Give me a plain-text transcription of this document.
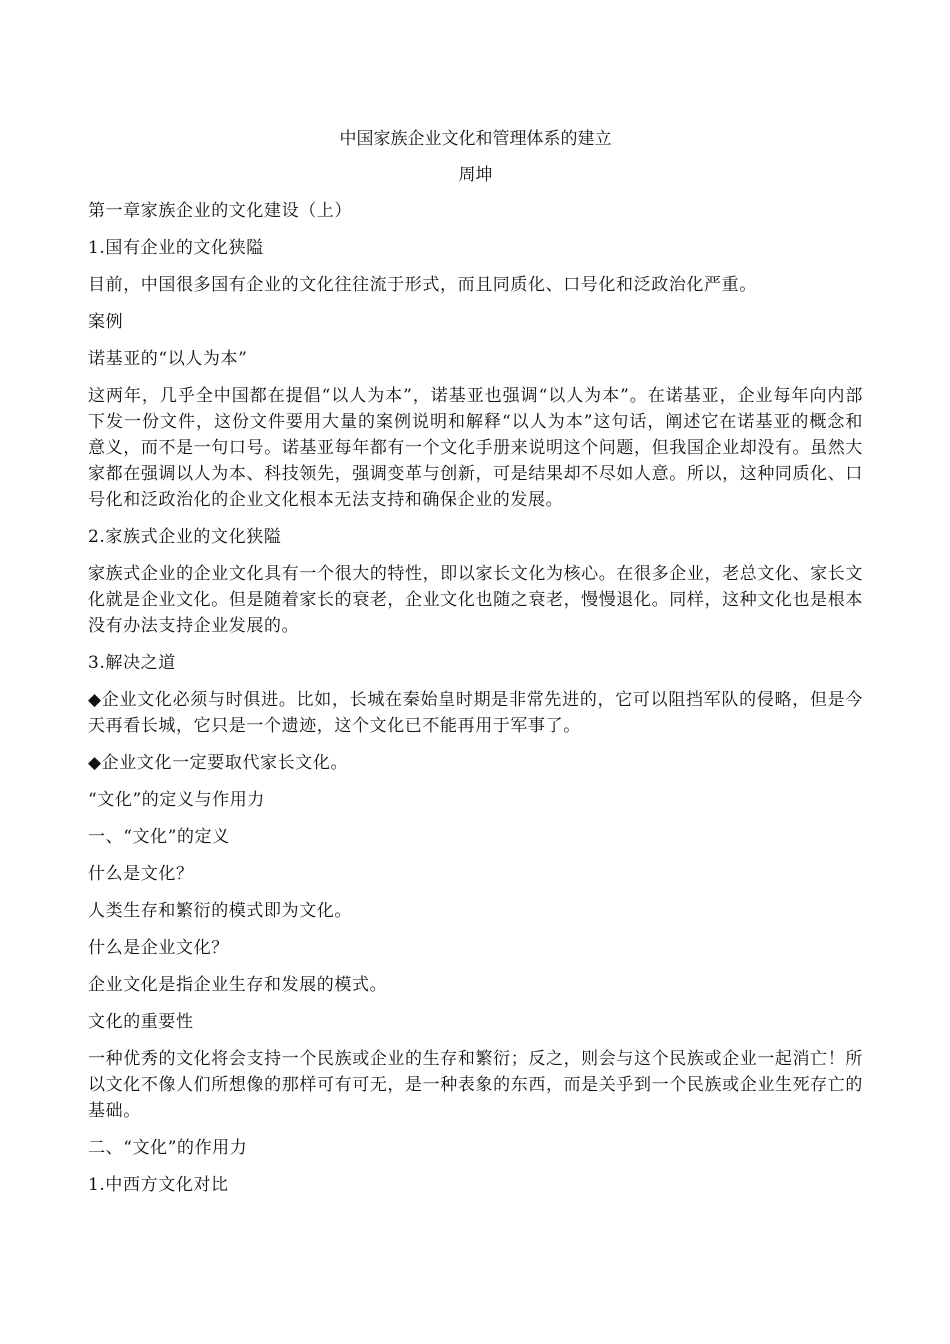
中国家族企业文化和管理体系的建立
周坤
第一章家族企业的文化建设（上）
1.国有企业的文化狭隘
目前，中国很多国有企业的文化往往流于形式，而且同质化、口号化和泛政治化严重。
案例
诺基亚的“以人为本”
这两年，几乎全中国都在提倡“以人为本”，诺基亚也强调“以人为本”。在诺基亚，企业每年向内部下发一份文件，这份文件要用大量的案例说明和解释“以人为本”这句话，阐述它在诺基亚的概念和意义，而不是一句口号。诺基亚每年都有一个文化手册来说明这个问题，但我国企业却没有。虽然大家都在强调以人为本、科技领先，强调变革与创新，可是结果却不尽如人意。所以，这种同质化、口号化和泛政治化的企业文化根本无法支持和确保企业的发展。
2.家族式企业的文化狭隘
家族式企业的企业文化具有一个很大的特性，即以家长文化为核心。在很多企业，老总文化、家长文化就是企业文化。但是随着家长的衰老，企业文化也随之衰老，慢慢退化。同样，这种文化也是根本没有办法支持企业发展的。
3.解决之道
◆企业文化必须与时俱进。比如，长城在秦始皇时期是非常先进的，它可以阻挡军队的侵略，但是今天再看长城，它只是一个遗迹，这个文化已不能再用于军事了。
◆企业文化一定要取代家长文化。
“文化”的定义与作用力
一、“文化”的定义
什么是文化？
人类生存和繁衍的模式即为文化。
什么是企业文化？
企业文化是指企业生存和发展的模式。
文化的重要性
一种优秀的文化将会支持一个民族或企业的生存和繁衍；反之，则会与这个民族或企业一起消亡！所以文化不像人们所想像的那样可有可无，是一种表象的东西，而是关乎到一个民族或企业生死存亡的基础。
二、“文化”的作用力
1.中西方文化对比
